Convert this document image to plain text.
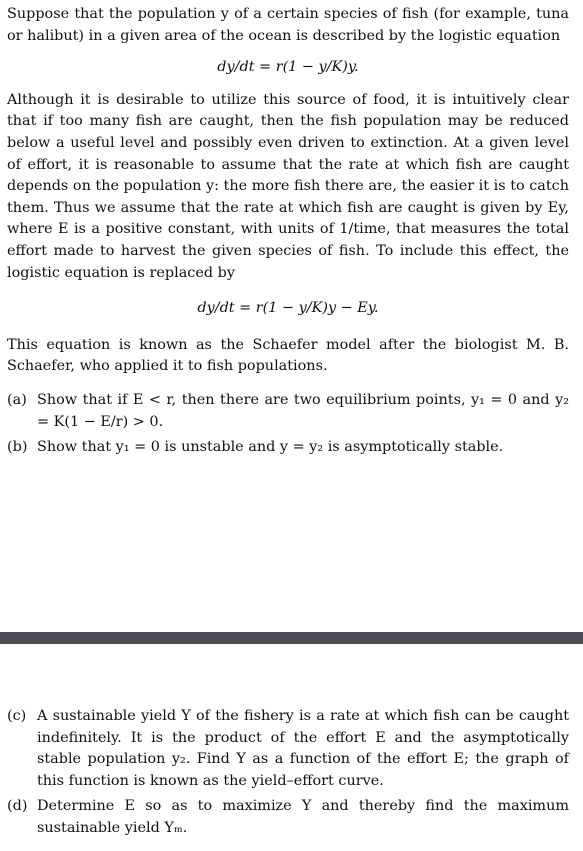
Suppose that the population y of a certain species of fish (for example, tuna or halibut) in a given area of the ocean is described by the logistic equation

dy/dt = r(1 − y/K)y.

Although it is desirable to utilize this source of food, it is intuitively clear that if too many fish are caught, then the fish population may be reduced below a useful level and possibly even driven to extinction. At a given level of effort, it is reasonable to assume that the rate at which fish are caught depends on the population y: the more fish there are, the easier it is to catch them. Thus we assume that the rate at which fish are caught is given by Ey, where E is a positive constant, with units of 1/time, that measures the total effort made to harvest the given species of fish. To include this effect, the logistic equation is replaced by

dy/dt = r(1 − y/K)y − Ey.

This equation is known as the Schaefer model after the biologist M. B. Schaefer, who applied it to fish populations.

(a) Show that if E < r, then there are two equilibrium points, y₁ = 0 and y₂ = K(1 − E/r) > 0.
(b) Show that y₁ = 0 is unstable and y = y₂ is asymptotically stable.
(c) A sustainable yield Y of the fishery is a rate at which fish can be caught indefinitely. It is the product of the effort E and the asymptotically stable population y₂. Find Y as a function of the effort E; the graph of this function is known as the yield–effort curve.
(d) Determine E so as to maximize Y and thereby find the maximum sustainable yield Yₘ.
